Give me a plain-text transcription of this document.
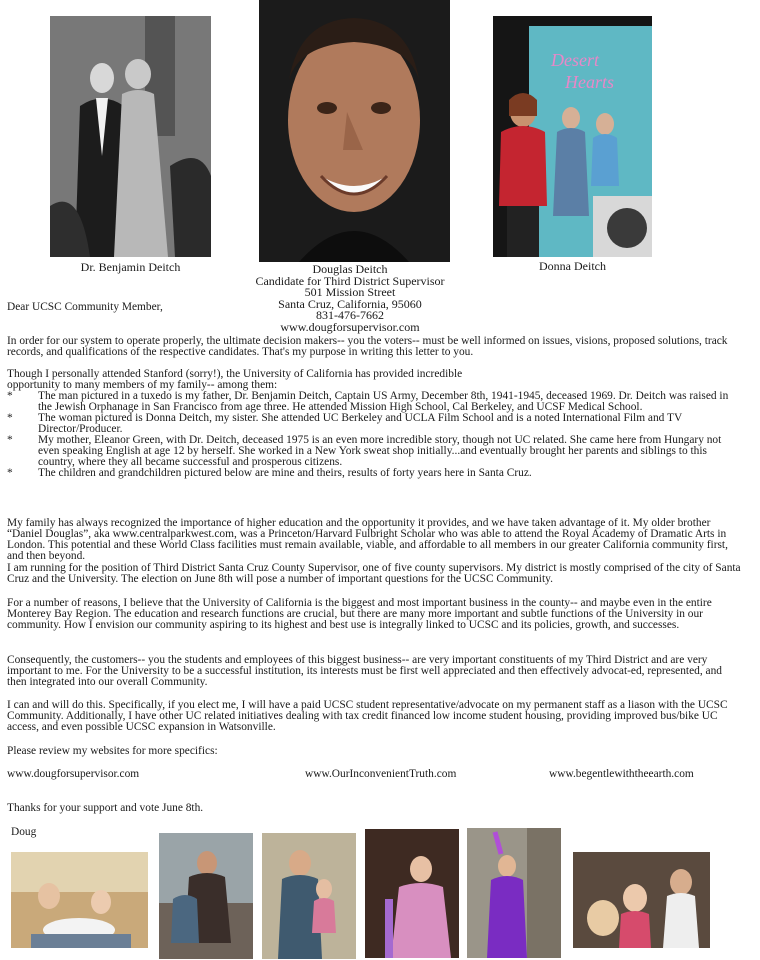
Dr. Benjamin Deitch
Desert
Hearts
Donna Deitch
Douglas Deitch
Candidate for Third District Supervisor
501 Mission Street
Santa Cruz, California, 95060
831-476-7662
www.dougforsupervisor.com
Dear UCSC Community Member,

In order for our system to operate properly, the ultimate decision makers-- you the voters-- must be well informed on issues, visions, proposed solutions, track records, and qualifications of the respective candidates. That's my purpose in writing this letter to you.

Though I personally attended Stanford (sorry!), the University of California has provided incredible opportunity to many members of my family-- among them:

* The man pictured in a tuxedo is my father, Dr. Benjamin Deitch, Captain US Army, December 8th, 1941-1945, deceased 1969. Dr. Deitch was raised in the Jewish Orphanage in San Francisco from age three. He attended Mission High School, Cal Berkeley, and UCSF Medical School.
* The woman pictured is Donna Deitch, my sister. She attended UC Berkeley and UCLA Film School and is a noted International Film and TV Director/Producer.
* My mother, Eleanor Green, with Dr. Deitch, deceased 1975 is an even more incredible story, though not UC related. She came here from Hungary not even speaking English at age 12 by herself. She worked in a New York sweat shop initially...and eventually brought her parents and siblings to this country, where they all became successful and prosperous citizens.
* The children and grandchildren pictured below are mine and theirs, results of forty years here in Santa Cruz.

My family has always recognized the importance of higher education and the opportunity it provides, and we have taken advantage of it. My older brother “Daniel Douglas”, aka www.centralparkwest.com, was a Princeton/Harvard Fulbright Scholar who was able to attend the Royal Academy of Dramatic Arts in London. This potential and these World Class facilities must remain available, viable, and affordable to all members in our greater California community first, and then beyond.

I am running for the position of Third District Santa Cruz County Supervisor, one of five county supervisors. My district is mostly comprised of the city of Santa Cruz and the University. The election on June 8th will pose a number of important questions for the UCSC Community.

For a number of reasons, I believe that the University of California is the biggest and most important business in the county-- and maybe even in the entire Monterey Bay Region. The education and research functions are crucial, but there are many more important and subtle functions of the University in our community. How I envision our community aspiring to its highest and best use is integrally linked to UCSC and its policies, growth, and successes.

Consequently, the customers-- you the students and employees of this biggest business-- are very important constituents of my Third District and are very important to me. For the University to be a successful institution, its interests must be first well appreciated and then effectively advocat-ed, represented, and then integrated into our overall Community.

I can and will do this. Specifically, if you elect me, I will have a paid UCSC student representative/advocate on my permanent staff as a liason with the UCSC Community. Additionally, I have other UC related initiatives dealing with tax credit financed low income student housing, providing improved bus/bike UC access, and even possible UCSC expansion in Watsonville.

Please review my websites for more specifics:
www.dougforsupervisor.com	www.OurInconvenientTruth.com	www.begentlewiththeearth.com
Thanks for your support and vote June 8th.
Doug
